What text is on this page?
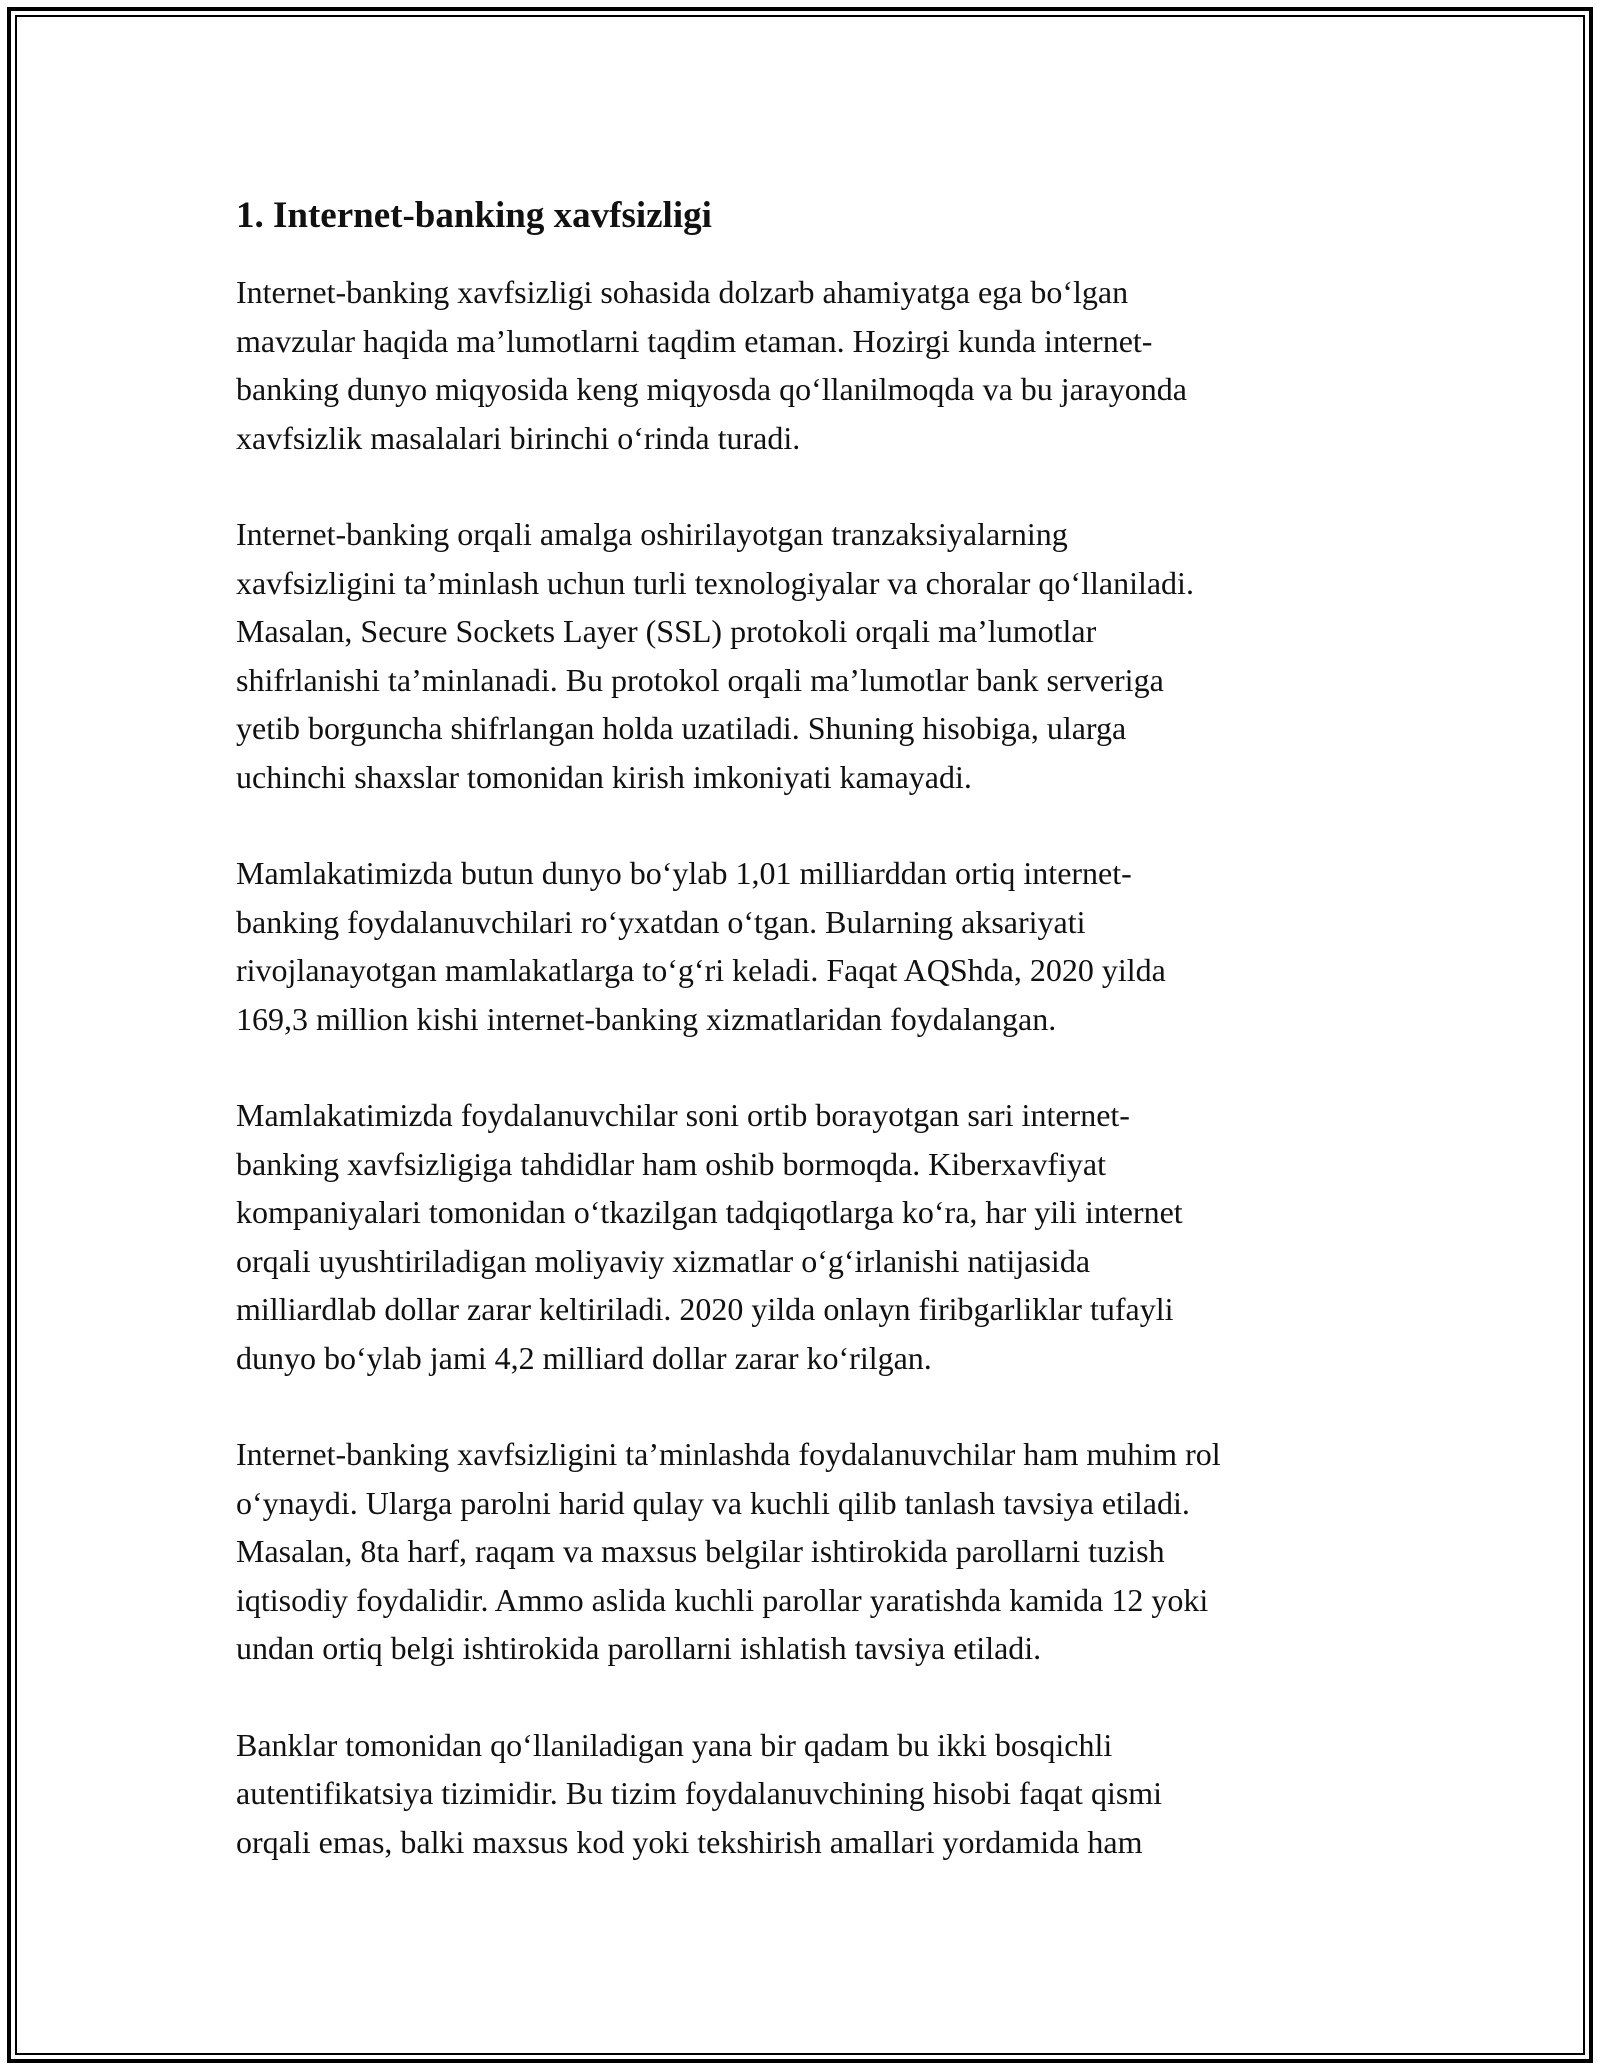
1. Internet-banking xavfsizligi

Internet-banking xavfsizligi sohasida dolzarb ahamiyatga ega bo‘lgan
mavzular haqida ma’lumotlarni taqdim etaman. Hozirgi kunda internet-
banking dunyo miqyosida keng miqyosda qo‘llanilmoqda va bu jarayonda
xavfsizlik masalalari birinchi o‘rinda turadi.

Internet-banking orqali amalga oshirilayotgan tranzaksiyalarning
xavfsizligini ta’minlash uchun turli texnologiyalar va choralar qo‘llaniladi.
Masalan, Secure Sockets Layer (SSL) protokoli orqali ma’lumotlar
shifrlanishi ta’minlanadi. Bu protokol orqali ma’lumotlar bank serveriga
yetib borguncha shifrlangan holda uzatiladi. Shuning hisobiga, ularga
uchinchi shaxslar tomonidan kirish imkoniyati kamayadi.

Mamlakatimizda butun dunyo bo‘ylab 1,01 milliarddan ortiq internet-
banking foydalanuvchilari ro‘yxatdan o‘tgan. Bularning aksariyati
rivojlanayotgan mamlakatlarga to‘g‘ri keladi. Faqat AQShda, 2020 yilda
169,3 million kishi internet-banking xizmatlaridan foydalangan.

Mamlakatimizda foydalanuvchilar soni ortib borayotgan sari internet-
banking xavfsizligiga tahdidlar ham oshib bormoqda. Kiberxavfiyat
kompaniyalari tomonidan o‘tkazilgan tadqiqotlarga ko‘ra, har yili internet
orqali uyushtiriladigan moliyaviy xizmatlar o‘g‘irlanishi natijasida
milliardlab dollar zarar keltiriladi. 2020 yilda onlayn firibgarliklar tufayli
dunyo bo‘ylab jami 4,2 milliard dollar zarar ko‘rilgan.

Internet-banking xavfsizligini ta’minlashda foydalanuvchilar ham muhim rol
o‘ynaydi. Ularga parolni harid qulay va kuchli qilib tanlash tavsiya etiladi.
Masalan, 8ta harf, raqam va maxsus belgilar ishtirokida parollarni tuzish
iqtisodiy foydalidir. Ammo aslida kuchli parollar yaratishda kamida 12 yoki
undan ortiq belgi ishtirokida parollarni ishlatish tavsiya etiladi.

Banklar tomonidan qo‘llaniladigan yana bir qadam bu ikki bosqichli
autentifikatsiya tizimidir. Bu tizim foydalanuvchining hisobi faqat qismi
orqali emas, balki maxsus kod yoki tekshirish amallari yordamida ham
